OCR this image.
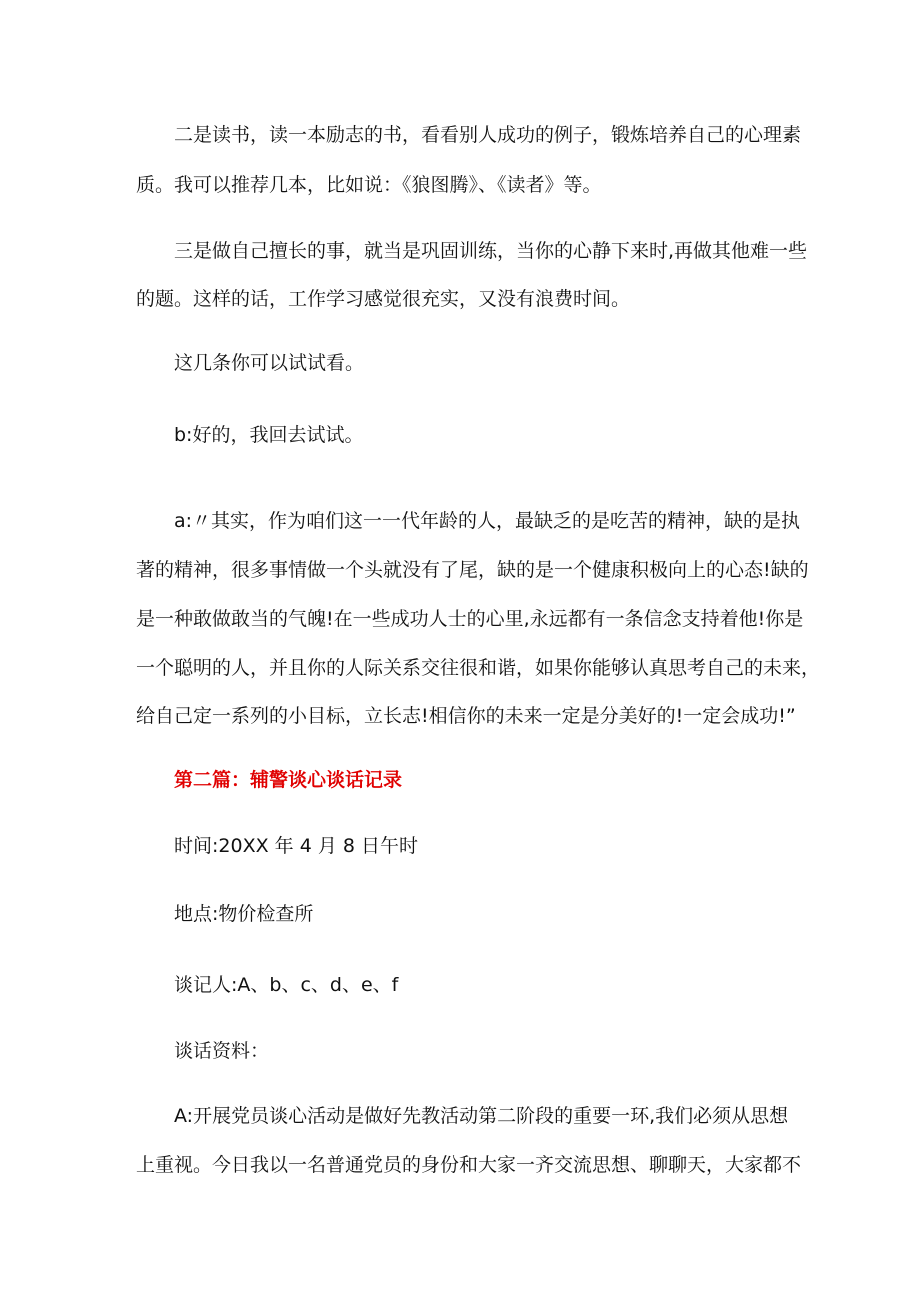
二是读书，读一本励志的书，看看别人成功的例子，锻炼培养自己的心理素
质。我可以推荐几本，比如说：《狼图腾》、《读者》等。
三是做自己擅长的事，就当是巩固训练，当你的心静下来时,再做其他难一些
的题。这样的话，工作学习感觉很充实，又没有浪费时间。
这几条你可以试试看。
b:好的，我回去试试。
a:〃其实，作为咱们这一一代年龄的人，最缺乏的是吃苦的精神，缺的是执
著的精神，很多事情做一个头就没有了尾，缺的是一个健康积极向上的心态!缺的
是一种敢做敢当的气魄!在一些成功人士的心里,永远都有一条信念支持着他!你是
一个聪明的人，并且你的人际关系交往很和谐，如果你能够认真思考自己的未来，
给自己定一系列的小目标，立长志!相信你的未来一定是分美好的!一定会成功!”
第二篇：辅警谈心谈话记录
时间:20XX 年 4 月 8 日午时
地点:物价检查所
谈记人:A、b、c、d、e、f
谈话资料：
A:开展党员谈心活动是做好先教活动第二阶段的重要一环,我们必须从思想
上重视。今日我以一名普通党员的身份和大家一齐交流思想、聊聊天，大家都不
